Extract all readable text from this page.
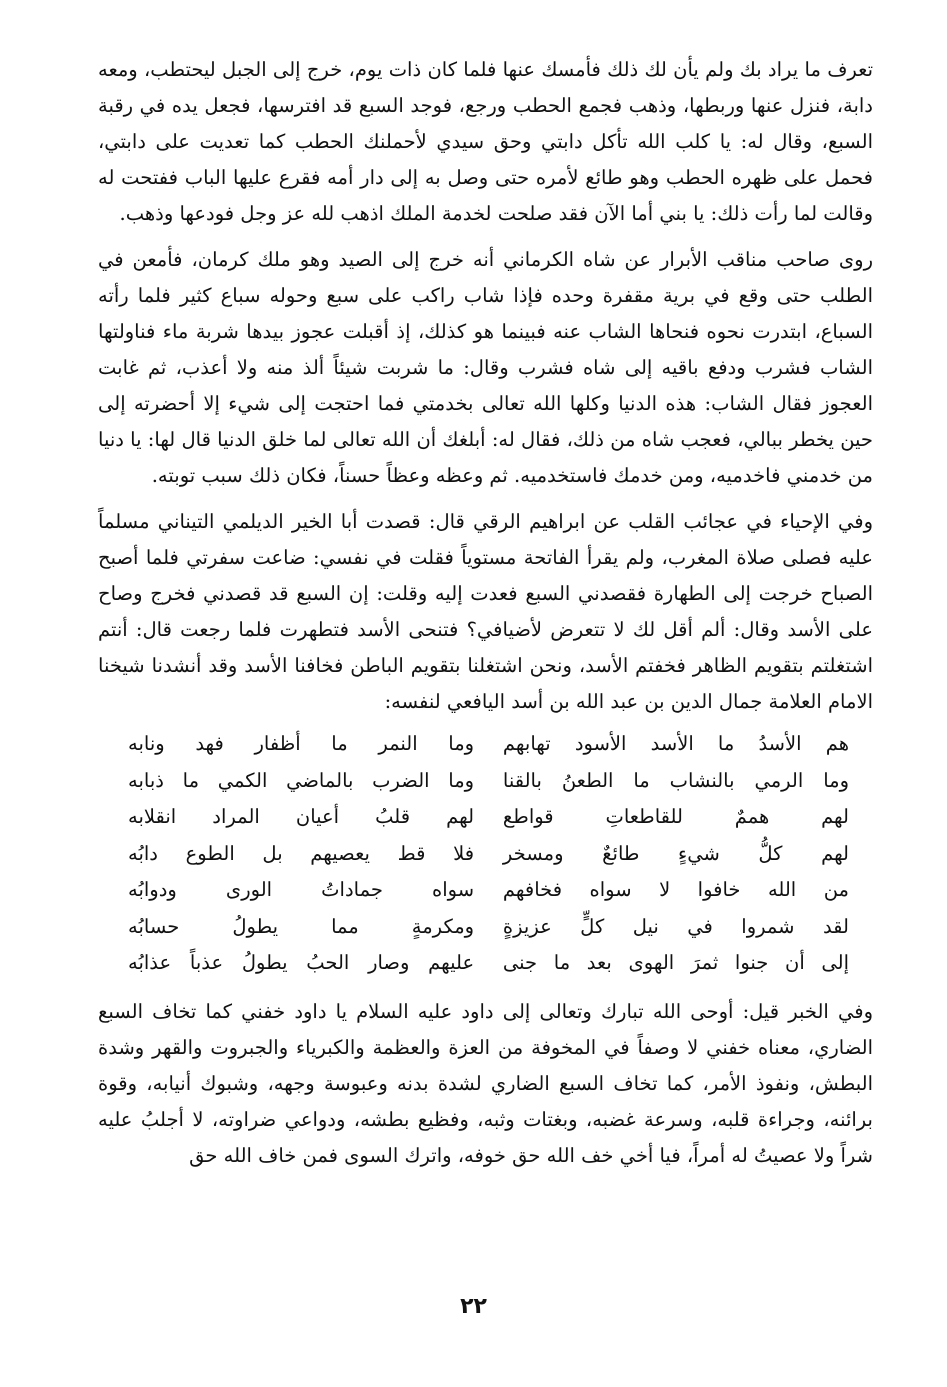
تعرف ما يراد بك ولم يأن لك ذلك فأمسك عنها فلما كان ذات يوم، خرج إلى الجبل ليحتطب، ومعه دابة، فنزل عنها وربطها، وذهب فجمع الحطب ورجع، فوجد السبع قد افترسها، فجعل يده في رقبة السبع، وقال له: يا كلب الله تأكل دابتي وحق سيدي لأحملنك الحطب كما تعديت على دابتي، فحمل على ظهره الحطب وهو طائع لأمره حتى وصل به إلى دار أمه فقرع عليها الباب ففتحت له وقالت لما رأت ذلك: يا بني أما الآن فقد صلحت لخدمة الملك اذهب لله عز وجل فودعها وذهب.

روى صاحب مناقب الأبرار عن شاه الكرماني أنه خرج إلى الصيد وهو ملك كرمان، فأمعن في الطلب حتى وقع في برية مقفرة وحده فإذا شاب راكب على سبع وحوله سباع كثير فلما رأته السباع، ابتدرت نحوه فنحاها الشاب عنه فبينما هو كذلك، إذ أقبلت عجوز بيدها شربة ماء فناولتها الشاب فشرب ودفع باقيه إلى شاه فشرب وقال: ما شربت شيئاً ألذ منه ولا أعذب، ثم غابت العجوز فقال الشاب: هذه الدنيا وكلها الله تعالى بخدمتي فما احتجت إلى شيء إلا أحضرته إلى حين يخطر ببالي، فعجب شاه من ذلك، فقال له: أبلغك أن الله تعالى لما خلق الدنيا قال لها: يا دنيا من خدمني فاخدميه، ومن خدمك فاستخدميه. ثم وعظه وعظاً حسناً، فكان ذلك سبب توبته.

وفي الإحياء في عجائب القلب عن ابراهيم الرقي قال: قصدت أبا الخير الديلمي التيناني مسلماً عليه فصلى صلاة المغرب، ولم يقرأ الفاتحة مستوياً فقلت في نفسي: ضاعت سفرتي فلما أصبح الصباح خرجت إلى الطهارة فقصدني السبع فعدت إليه وقلت: إن السبع قد قصدني فخرج وصاح على الأسد وقال: ألم أقل لك لا تتعرض لأضيافي؟ فتنحى الأسد فتطهرت فلما رجعت قال: أنتم اشتغلتم بتقويم الظاهر فخفتم الأسد، ونحن اشتغلنا بتقويم الباطن فخافنا الأسد وقد أنشدنا شيخنا الامام العلامة جمال الدين بن عبد الله بن أسد اليافعي لنفسه:

هم الأسدُ ما الأسد الأسود تهابهم
وما النمر ما أظفار فهد ونابه
وما الرمي بالنشاب ما الطعنُ بالقنا
وما الضرب بالماضي الكمي ما ذبابه
لهم هممٌ للقاطعاتِ قواطع
لهم قلبُ أعيان المراد انقلابه
لهم كلُّ شيءٍ طائعٌ ومسخر
فلا قط يعصيهم بل الطوع دابُه
من الله خافوا لا سواه فخافهم
سواه جماداتُ الورى ودوابُه
لقد شمروا في نيل كلٍّ عزيزةٍ
ومكرمةٍ مما يطولُ حسابُه
إلى أن جنوا ثمرَ الهوى بعد ما جنى
عليهم وصار الحبُ يطولُ عذباً عذابُه

وفي الخبر قيل: أوحى الله تبارك وتعالى إلى داود عليه السلام يا داود خفني كما تخاف السبع الضاري، معناه خفني لا وصفاً في المخوفة من العزة والعظمة والكبرياء والجبروت والقهر وشدة البطش، ونفوذ الأمر، كما تخاف السبع الضاري لشدة بدنه وعبوسة وجهه، وشبوك أنيابه، وقوة برائنه، وجراءة قلبه، وسرعة غضبه، وبغتات وثبه، وفظيع بطشه، ودواعي ضراوته، لا أجلبُ عليه شراً ولا عصيتُ له أمراً، فيا أخي خف الله حق خوفه، واترك السوى فمن خاف الله حق

٢٢
